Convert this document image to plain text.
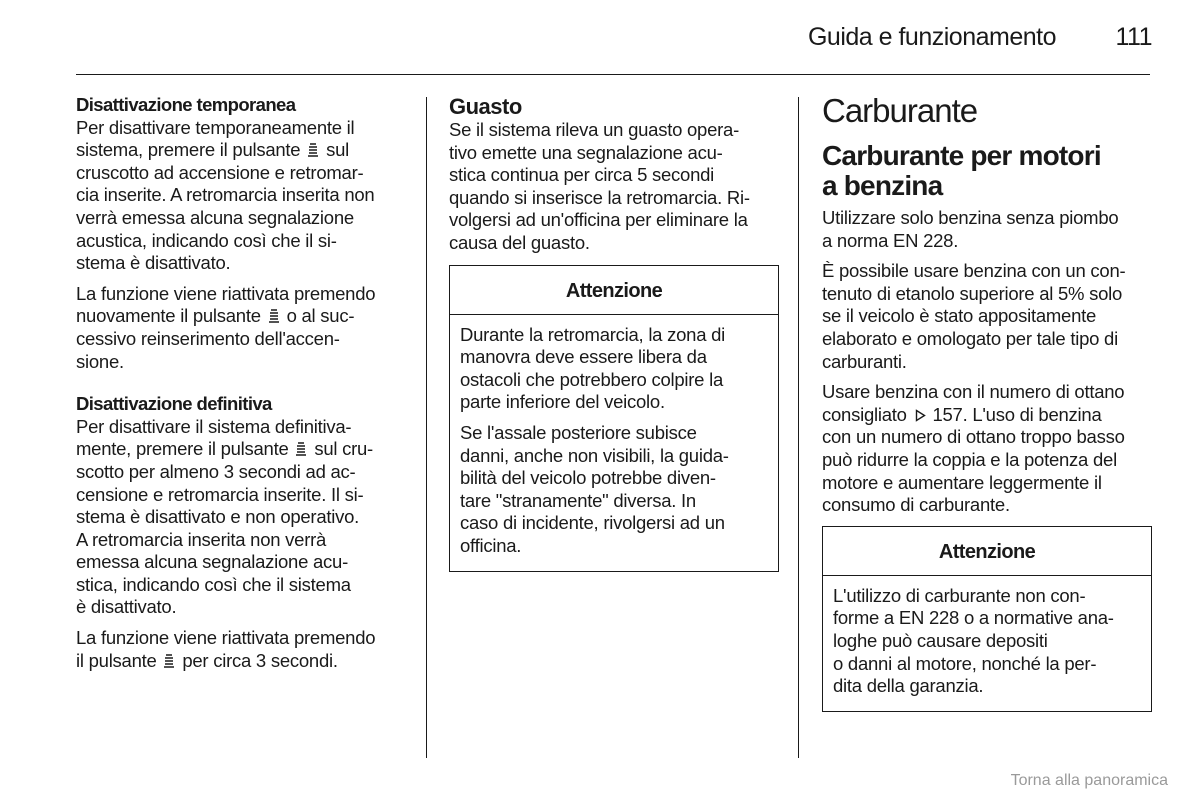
Guida e funzionamento	111
Disattivazione temporanea

Per disattivare temporaneamente il
sistema, premere il pulsante sul
cruscotto ad accensione e retromar-
cia inserite. A retromarcia inserita non
verrà emessa alcuna segnalazione
acustica, indicando così che il si-
stema è disattivato.

La funzione viene riattivata premendo
nuovamente il pulsante o al suc-
cessivo reinserimento dell'accen-
sione.

Disattivazione definitiva

Per disattivare il sistema definitiva-
mente, premere il pulsante sul cru-
scotto per almeno 3 secondi ad ac-
censione e retromarcia inserite. Il si-
stema è disattivato e non operativo.
A retromarcia inserita non verrà
emessa alcuna segnalazione acu-
stica, indicando così che il sistema
è disattivato.

La funzione viene riattivata premendo
il pulsante per circa 3 secondi.

Guasto

Se il sistema rileva un guasto opera-
tivo emette una segnalazione acu-
stica continua per circa 5 secondi
quando si inserisce la retromarcia. Ri-
volgersi ad un'officina per eliminare la
causa del guasto.

Attenzione

Durante la retromarcia, la zona di
manovra deve essere libera da
ostacoli che potrebbero colpire la
parte inferiore del veicolo.

Se l'assale posteriore subisce
danni, anche non visibili, la guida-
bilità del veicolo potrebbe diven-
tare "stranamente" diversa. In
caso di incidente, rivolgersi ad un
officina.

Carburante
Carburante per motori
a benzina

Utilizzare solo benzina senza piombo
a norma EN 228.

È possibile usare benzina con un con-
tenuto di etanolo superiore al 5% solo
se il veicolo è stato appositamente
elaborato e omologato per tale tipo di
carburanti.

Usare benzina con il numero di ottano
consigliato 157. L'uso di benzina
con un numero di ottano troppo basso
può ridurre la coppia e la potenza del
motore e aumentare leggermente il
consumo di carburante.

Attenzione

L'utilizzo di carburante non con-
forme a EN 228 o a normative ana-
loghe può causare depositi
o danni al motore, nonché la per-
dita della garanzia.

Torna alla panoramica
